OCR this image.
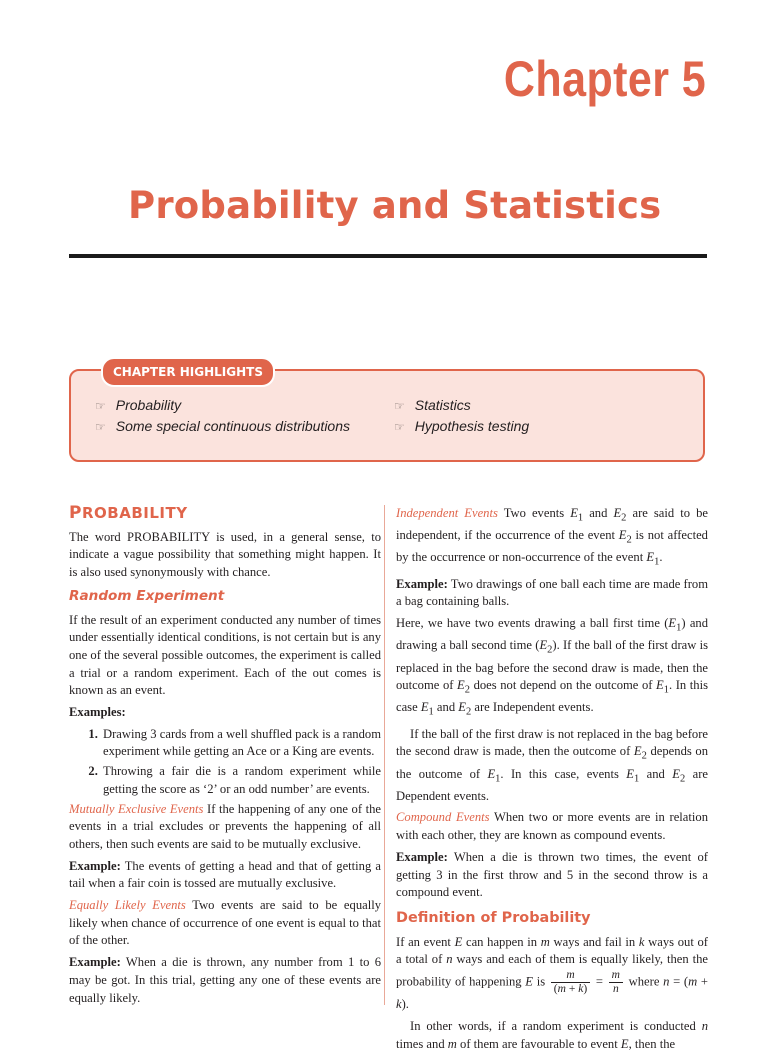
Chapter 5
Probability and Statistics
CHAPTER HIGHLIGHTS
☞ Probability	☞ Statistics
☞ Some special continuous distributions	☞ Hypothesis testing
PROBABILITY

The word PROBABILITY is used, in a general sense, to indicate a vague possibility that something might happen. It is also used synonymously with chance.

Random Experiment

If the result of an experiment conducted any number of times under essentially identical conditions, is not certain but is any one of the several possible outcomes, the experiment is called a trial or a random experiment. Each of the out comes is known as an event.

Examples:

1. Drawing 3 cards from a well shuffled pack is a random experiment while getting an Ace or a King are events.
2. Throwing a fair die is a random experiment while getting the score as ‘2’ or an odd number’ are events.

Mutually Exclusive Events If the happening of any one of the events in a trial excludes or prevents the happening of all others, then such events are said to be mutually exclusive.

Example: The events of getting a head and that of getting a tail when a fair coin is tossed are mutually exclusive.

Equally Likely Events Two events are said to be equally likely when chance of occurrence of one event is equal to that of the other.

Example: When a die is thrown, any number from 1 to 6 may be got. In this trial, getting any one of these events are equally likely.

Independent Events Two events $E_1$ and $E_2$ are said to be independent, if the occurrence of the event $E_2$ is not affected by the occurrence or non-occurrence of the event $E_1$.

Example: Two drawings of one ball each time are made from a bag containing balls.

Here, we have two events drawing a ball first time $(E_1)$ and drawing a ball second time $(E_2)$. If the ball of the first draw is replaced in the bag before the second draw is made, then the outcome of $E_2$ does not depend on the outcome of $E_1$. In this case $E_1$ and $E_2$ are Independent events.

If the ball of the first draw is not replaced in the bag before the second draw is made, then the outcome of $E_2$ depends on the outcome of $E_1$. In this case, events $E_1$ and $E_2$ are Dependent events.

Compound Events When two or more events are in relation with each other, they are known as compound events.

Example: When a die is thrown two times, the event of getting 3 in the first throw and 5 in the second throw is a compound event.

Definition of Probability

If an event E can happen in m ways and fail in k ways out of a total of n ways and each of them is equally likely, then the probability of happening E is $\frac{m}{(m + k)} = \frac{m}{n}$ where n = (m + k).

In other words, if a random experiment is conducted n times and m of them are favourable to event E, then the
